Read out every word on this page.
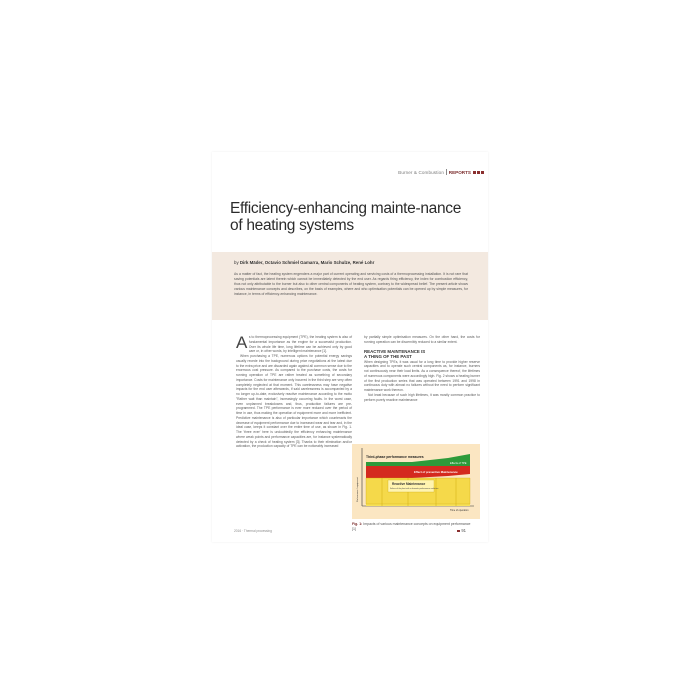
Burner & Combustion REPORTS
Efficiency-enhancing mainte-nance of heating systems
by Dirk Mäder, Octavio Schmiel Gamarra, Mario Schulze, René Lohr
As a matter of fact, the heating system engenders a major part of current operating and servicing costs of a thermoprocessing installation. It is not rare that saving potentials are latent therein which cannot be immediately detected by the end user. As regards firing efficiency, the index for combustion efficiency, thus not only attributable to the burner but also to other central components of heating system, contrary to the widespread belief. The present article shows various maintenance concepts and describes, on the basis of examples, where and who optimisation potentials can be opened up by simple measures, for instance, in terms of efficiency-enhancing maintenance.
A s to thermoprocessing equipment (TPE), the heating system is also of fundamental importance as the engine for a successful production. Over its whole life time, long lifetime can be achieved only by good care or, in other words, by intelligent maintenance [1].

When purchasing a TPE, numerous options for potential energy savings usually recede into the background during price negotiations at the latest due to the extra price and are discarded again against all common sense due to the enormous cost pressure. As compared to the purchase costs, the costs for running operation of TPE are rather treated as something of secondary importance. Costs for maintenance only incurred in the third step are very often completely neglected at that moment. This carelessness may have negative impacts for the end user afterwards, if said carelessness is accompanied by a no longer up-to-date, exclusively reactive maintenance according to the motto "Rather wait than maintain", increasingly occurring faults. In the worst case, even unplanned breakdowns and, thus, production failures are pre-programmed. The TPE performance is ever more reduced over the period of time in use, thus making the operation of equipment more and more inefficient. Predictive maintenance is also of particular importance which counteracts the decrease of equipment performance due to increased wear and tear and, in the ideal case, keeps it constant over the entire time of use, as shown in Fig. 1. The 'three ever' here is undoubtedly the efficiency enhancing maintenance where weak points and performance capacities are, for instance systematically detected by a check of heating system [3]. Thanks to their elimination and/or activation, the production capacity of TPE can be noticeably increased

by partially simple optimisation measures. On the other hand, the costs for running operation can be discernibly reduced to a similar extent.

REACTIVE MAINTENANCE IS
A THING OF THE PAST

When designing TPEs, it was usual for a long time to provide higher reserve capacities and to operate such central components as, for instance, burners not continuously near their load limits. As a consequence thereof, the lifetimes of numerous components were accordingly high. Fig. 2 shows a heating burner of the first production series that was operated between 1991 and 1998 in continuous duty with almost no failures without the need to perform significant maintenance work thereon.

Not least because of such high lifetimes, it was mostly common practice to perform purely reactive maintenance

Third-phase performance measures
Effects of TPE
Effect of preventive Maintenance
Reactive Maintenance
Failure of the plant with a dramatic performance reduction
Performance / equipment
Time of operation
Fig. 1: Impacts of various maintenance concepts on equipment performance [1]
2016 · Thermal processing	91
